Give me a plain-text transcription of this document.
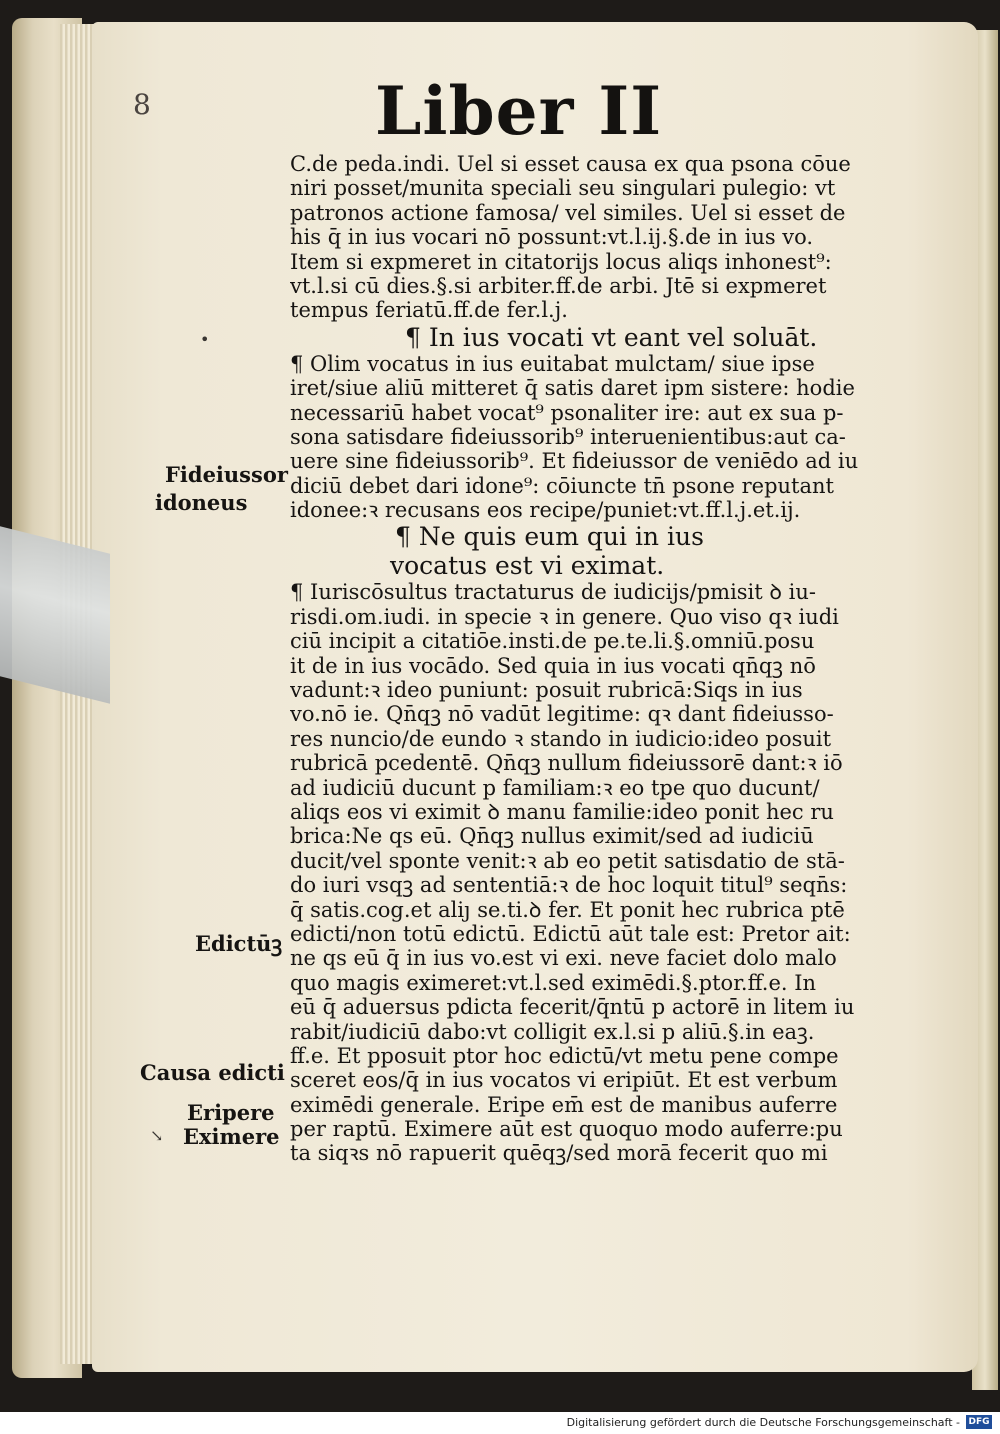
8	Liber II
C.de peda.indi. Uel si esset causa ex qua psona cōue
niri posset/munita speciali seu singulari pulegio: vt
patronos actione famosa/ vel similes. Uel si esset de
his q̄ in ius vocari nō possunt:vt.l.ij.§.de in ius vo.
Item si expmeret in citatorijs locus aliqs inhonest⁹:
vt.l.si cū dies.§.si arbiter.ff.de arbi. Jtē si expmeret
tempus feriatū.ff.de fer.l.j.
¶ In ius vocati vt eant vel soluāt.
¶ Olim vocatus in ius euitabat mulctam/ siue ipse
iret/siue aliū mitteret q̄ satis daret ipm sistere: hodie
necessariū habet vocat⁹ psonaliter ire: aut ex sua p-
sona satisdare fideiussorib⁹ interuenientibus:aut ca-
uere sine fideiussorib⁹. Et fideiussor de veniēdo ad iu
diciū debet dari idone⁹: cōiuncte tn̄ psone reputant
idonee:ꝛ recusans eos recipe/puniet:vt.ff.l.j.et.ij.
¶ Ne quis eum qui in ius
vocatus est vi eximat.
¶ Iuriscōsultus tractaturus de iudicijs/pmisit ꝺ iu-
risdi.om.iudi. in specie ꝛ in genere. Quo viso qꝛ iudi
ciū incipit a citatiōe.insti.de pe.te.li.§.omniū.posu
it de in ius vocādo. Sed quia in ius vocati qn̄qꝫ nō
vadunt:ꝛ ideo puniunt: posuit rubricā:Siqs in ius
vo.nō ie. Qn̄qꝫ nō vadūt legitime: qꝛ dant fideiusso-
res nuncio/de eundo ꝛ stando in iudicio:ideo posuit
rubricā pcedentē. Qn̄qꝫ nullum fideiussorē dant:ꝛ iō
ad iudiciū ducunt p familiam:ꝛ eo tpe quo ducunt/
aliqs eos vi eximit ꝺ manu familie:ideo ponit hec ru
brica:Ne qs eū. Qn̄qꝫ nullus eximit/sed ad iudiciū
ducit/vel sponte venit:ꝛ ab eo petit satisdatio de stā-
do iuri vsqꝫ ad sententiā:ꝛ de hoc loquit titul⁹ seqn̄s:
q̄ satis.cog.et aliȷ se.ti.ꝺ fer. Et ponit hec rubrica ptē
edicti/non totū edictū. Edictū aūt tale est: Pretor ait:
ne qs eū q̄ in ius vo.est vi exi. neve faciet dolo malo
quo magis eximeret:vt.l.sed eximēdi.§.ptor.ff.e. In
eū q̄ aduersus pdicta fecerit/q̄ntū p actorē in litem iu
rabit/iudiciū dabo:vt colligit ex.l.si p aliū.§.in eaꝫ.
ff.e. Et pposuit ptor hoc edictū/vt metu pene compe
sceret eos/q̄ in ius vocatos vi eripiūt. Et est verbum
eximēdi generale. Eripe em̄ est de manibus auferre
per raptū. Eximere aūt est quoquo modo auferre:pu
ta siqꝛs nō rapuerit quēqꝫ/sed morā fecerit quo mi
Fideiussor
idoneus
Edictūꝫ
Causa edicti
Eripere
Eximere
•
↘
Digitalisierung gefördert durch die Deutsche Forschungsgemeinschaft - DFG
